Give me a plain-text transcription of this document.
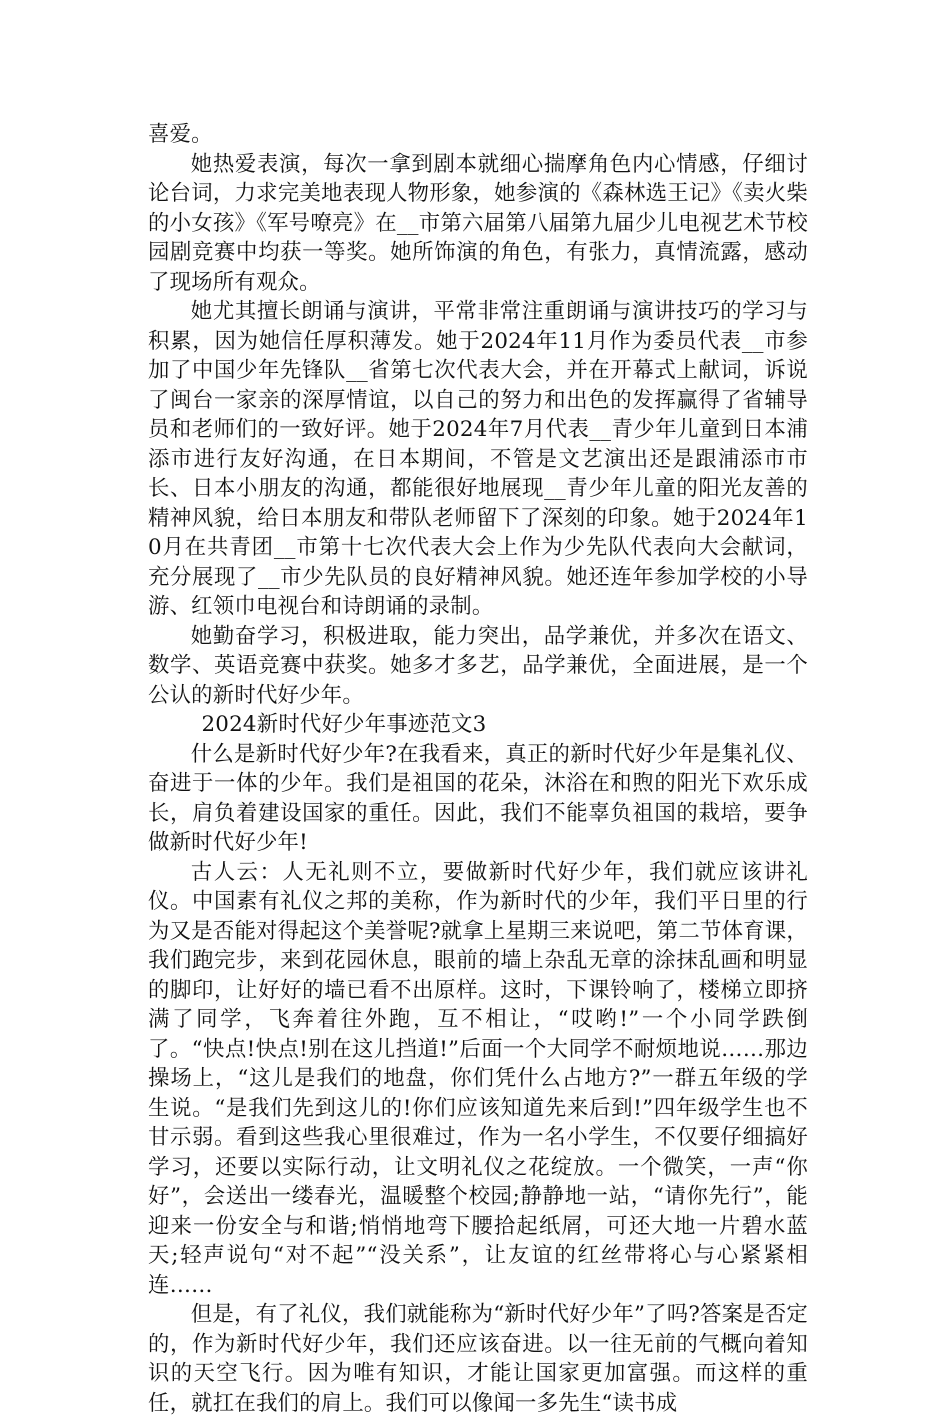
喜爱。

她热爱表演，每次一拿到剧本就细心揣摩角色内心情感，仔细讨论台词，力求完美地表现人物形象，她参演的《森林选王记》《卖火柴的小女孩》《军号嘹亮》在__市第六届第八届第九届少儿电视艺术节校园剧竞赛中均获一等奖。她所饰演的角色，有张力，真情流露，感动了现场所有观众。

她尤其擅长朗诵与演讲，平常非常注重朗诵与演讲技巧的学习与积累，因为她信任厚积薄发。她于2024年11月作为委员代表__市参加了中国少年先锋队__省第七次代表大会，并在开幕式上献词，诉说了闽台一家亲的深厚情谊，以自己的努力和出色的发挥赢得了省辅导员和老师们的一致好评。她于2024年7月代表__青少年儿童到日本浦添市进行友好沟通，在日本期间，不管是文艺演出还是跟浦添市市长、日本小朋友的沟通，都能很好地展现__青少年儿童的阳光友善的精神风貌，给日本朋友和带队老师留下了深刻的印象。她于2024年10月在共青团__市第十七次代表大会上作为少先队代表向大会献词，充分展现了__市少先队员的良好精神风貌。她还连年参加学校的小导游、红领巾电视台和诗朗诵的录制。

她勤奋学习，积极进取，能力突出，品学兼优，并多次在语文、数学、英语竞赛中获奖。她多才多艺，品学兼优，全面进展，是一个公认的新时代好少年。

2024新时代好少年事迹范文3

什么是新时代好少年?在我看来，真正的新时代好少年是集礼仪、奋进于一体的少年。我们是祖国的花朵，沐浴在和煦的阳光下欢乐成长，肩负着建设国家的重任。因此，我们不能辜负祖国的栽培，要争做新时代好少年!

古人云：人无礼则不立，要做新时代好少年，我们就应该讲礼仪。中国素有礼仪之邦的美称，作为新时代的少年，我们平日里的行为又是否能对得起这个美誉呢?就拿上星期三来说吧，第二节体育课，我们跑完步，来到花园休息，眼前的墙上杂乱无章的涂抹乱画和明显的脚印，让好好的墙已看不出原样。这时，下课铃响了，楼梯立即挤满了同学，飞奔着往外跑，互不相让，“哎哟!”一个小同学跌倒了。“快点!快点!别在这儿挡道!”后面一个大同学不耐烦地说……那边操场上，“这儿是我们的地盘，你们凭什么占地方?”一群五年级的学生说。“是我们先到这儿的!你们应该知道先来后到!”四年级学生也不甘示弱。看到这些我心里很难过，作为一名小学生，不仅要仔细搞好学习，还要以实际行动，让文明礼仪之花绽放。一个微笑，一声“你好”，会送出一缕春光，温暖整个校园;静静地一站，“请你先行”，能迎来一份安全与和谐;悄悄地弯下腰拾起纸屑，可还大地一片碧水蓝天;轻声说句“对不起”“没关系”，让友谊的红丝带将心与心紧紧相连……

但是，有了礼仪，我们就能称为“新时代好少年”了吗?答案是否定的，作为新时代好少年，我们还应该奋进。以一往无前的气概向着知识的天空飞行。因为唯有知识，才能让国家更加富强。而这样的重任，就扛在我们的肩上。我们可以像闻一多先生“读书成
